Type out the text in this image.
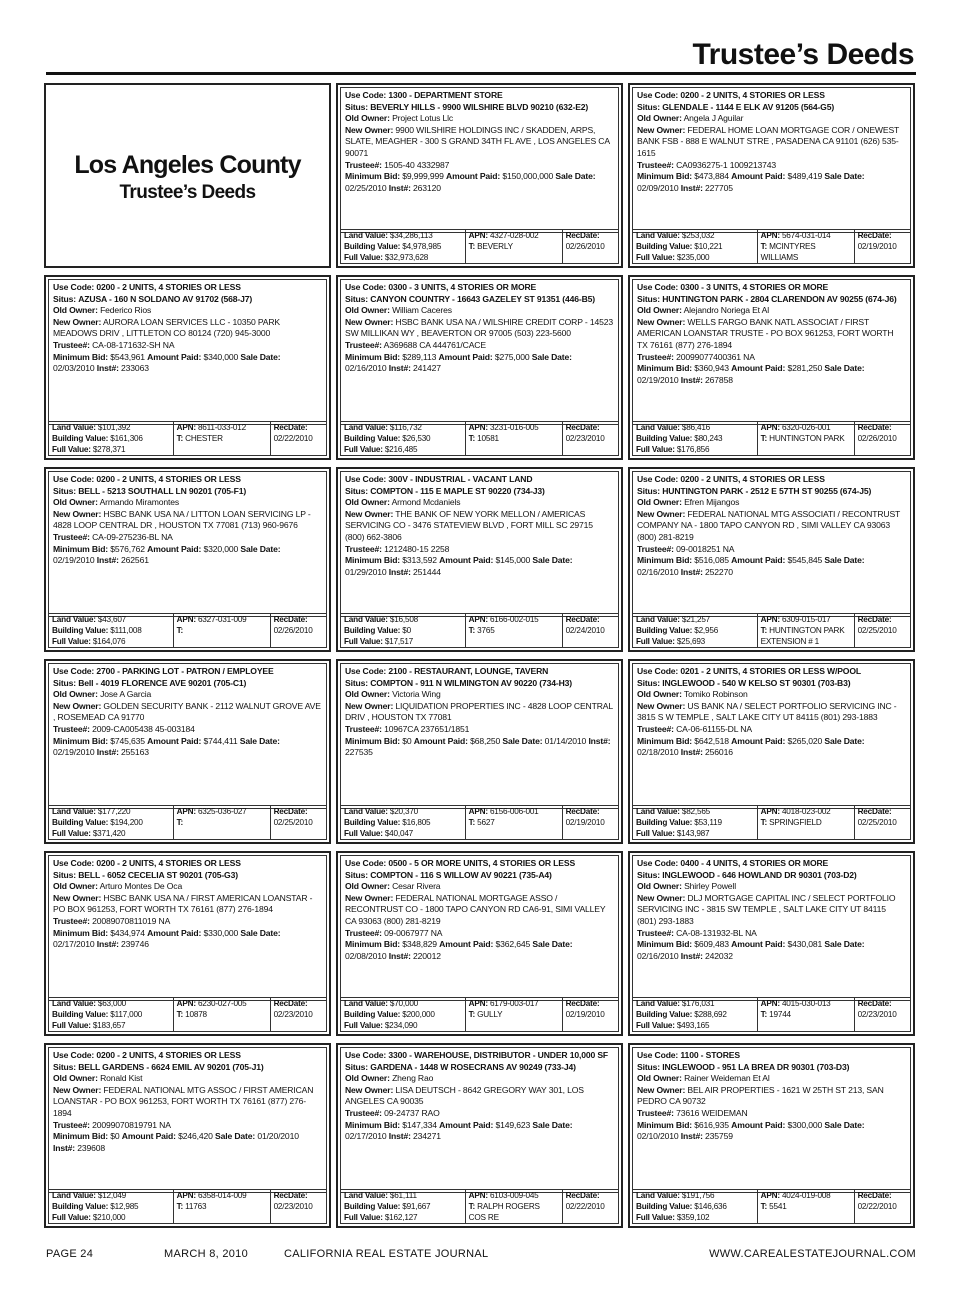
Trustee’s Deeds
Los Angeles County
Trustee’s Deeds
Use Code: 0200 - 2 UNITS, 4 STORIES OR LESS
Situs: AZUSA - 160 N SOLDANO AV 91702 (568-J7)
Old Owner: Federico Rios
New Owner: AURORA LOAN SERVICES LLC - 10350 PARK MEADOWS DRIV , LITTLETON CO 80124 (720) 945-3000
Trustee#: CA-08-171632-SH NA
Minimum Bid: $543,961 Amount Paid: $340,000 Sale Date: 02/03/2010 Inst#: 233063
Land Value: $101,392
Building Value: $161,306
Full Value: $278,371
APN: 8611-033-012
T: CHESTER
RecDate:
02/22/2010
Use Code: 0200 - 2 UNITS, 4 STORIES OR LESS
Situs: BELL - 5213 SOUTHALL LN 90201 (705-F1)
Old Owner: Armando Miramontes
New Owner: HSBC BANK USA NA / LITTON LOAN SERVICING LP - 4828 LOOP CENTRAL DR , HOUSTON TX 77081 (713) 960-9676
Trustee#: CA-09-275236-BL NA
Minimum Bid: $576,762 Amount Paid: $320,000 Sale Date: 02/19/2010 Inst#: 262561
Land Value: $43,607
Building Value: $111,008
Full Value: $164,076
APN: 6327-031-009
T:
RecDate:
02/26/2010
Use Code: 2700 - PARKING LOT - PATRON / EMPLOYEE
Situs: Bell - 4019 FLORENCE AVE 90201 (705-C1)
Old Owner: Jose A Garcia
New Owner: GOLDEN SECURITY BANK - 2112 WALNUT GROVE AVE , ROSEMEAD CA 91770
Trustee#: 2009-CA005438 45-003184
Minimum Bid: $745,635 Amount Paid: $744,411 Sale Date: 02/19/2010 Inst#: 255163
Land Value: $177,220
Building Value: $194,200
Full Value: $371,420
APN: 6325-036-027
T:
RecDate:
02/25/2010
Use Code: 0200 - 2 UNITS, 4 STORIES OR LESS
Situs: BELL - 6052 CECELIA ST 90201 (705-G3)
Old Owner: Arturo Montes De Oca
New Owner: HSBC BANK USA NA / FIRST AMERICAN LOANSTAR - PO BOX 961253, FORT WORTH TX 76161 (877) 276-1894
Trustee#: 20089070811019 NA
Minimum Bid: $434,974 Amount Paid: $330,000 Sale Date: 02/17/2010 Inst#: 239746
Land Value: $63,000
Building Value: $117,000
Full Value: $183,657
APN: 6230-027-005
T: 10878
RecDate:
02/23/2010
Use Code: 0200 - 2 UNITS, 4 STORIES OR LESS
Situs: BELL GARDENS - 6624 EMIL AV 90201 (705-J1)
Old Owner: Ronald Kist
New Owner: FEDERAL NATIONAL MTG ASSOC / FIRST AMERICAN LOANSTAR - PO BOX 961253, FORT WORTH TX 76161 (877) 276-1894
Trustee#: 20099070819791 NA
Minimum Bid: $0 Amount Paid: $246,420 Sale Date: 01/20/2010 Inst#: 239608
Land Value: $12,049
Building Value: $12,985
Full Value: $210,000
APN: 6358-014-009
T: 11763
RecDate:
02/23/2010
Use Code: 1300 - DEPARTMENT STORE
Situs: BEVERLY HILLS - 9900 WILSHIRE BLVD 90210 (632-E2)
Old Owner: Project Lotus Llc
New Owner: 9900 WILSHIRE HOLDINGS INC / SKADDEN, ARPS, SLATE, MEAGHER - 300 S GRAND 34TH FL AVE , LOS ANGELES CA 90071
Trustee#: 1505-40 4332987
Minimum Bid: $9,999,999 Amount Paid: $150,000,000 Sale Date: 02/25/2010 Inst#: 263120
Land Value: $34,286,113
Building Value: $4,978,985
Full Value: $32,973,628
APN: 4327-028-002
T: BEVERLY
RecDate:
02/26/2010
Use Code: 0300 - 3 UNITS, 4 STORIES OR MORE
Situs: CANYON COUNTRY - 16643 GAZELEY ST 91351 (446-B5)
Old Owner: William Caceres
New Owner: HSBC BANK USA NA / WILSHIRE CREDIT CORP - 14523 SW MILLIKAN WY , BEAVERTON OR 97005 (503) 223-5600
Trustee#: A369688 CA 444761/CACE
Minimum Bid: $289,113 Amount Paid: $275,000 Sale Date: 02/16/2010 Inst#: 241427
Land Value: $116,732
Building Value: $26,530
Full Value: $216,485
APN: 3231-016-005
T: 10581
RecDate:
02/23/2010
Use Code: 300V - INDUSTRIAL - VACANT LAND
Situs: COMPTON - 115 E MAPLE ST 90220 (734-J3)
Old Owner: Armond Mcdaniels
New Owner: THE BANK OF NEW YORK MELLON / AMERICAS SERVICING CO - 3476 STATEVIEW BLVD , FORT MILL SC 29715 (800) 662-3806
Trustee#: 1212480-15 2258
Minimum Bid: $313,592 Amount Paid: $145,000 Sale Date: 01/29/2010 Inst#: 251444
Land Value: $16,508
Building Value: $0
Full Value: $17,517
APN: 6166-002-015
T: 3765
RecDate:
02/24/2010
Use Code: 2100 - RESTAURANT, LOUNGE, TAVERN
Situs: COMPTON - 911 N WILMINGTON AV 90220 (734-H3)
Old Owner: Victoria Wing
New Owner: LIQUIDATION PROPERTIES INC - 4828 LOOP CENTRAL DRIV , HOUSTON TX 77081
Trustee#: 10967CA 237651/1851
Minimum Bid: $0 Amount Paid: $68,250 Sale Date: 01/14/2010 Inst#: 227535
Land Value: $20,370
Building Value: $16,805
Full Value: $40,047
APN: 6156-006-001
T: 5627
RecDate:
02/19/2010
Use Code: 0500 - 5 OR MORE UNITS, 4 STORIES OR LESS
Situs: COMPTON - 116 S WILLOW AV 90221 (735-A4)
Old Owner: Cesar Rivera
New Owner: FEDERAL NATIONAL MORTGAGE ASSO / RECONTRUST CO - 1800 TAPO CANYON RD CA6-91, SIMI VALLEY CA 93063 (800) 281-8219
Trustee#: 09-0067977 NA
Minimum Bid: $348,829 Amount Paid: $362,645 Sale Date: 02/08/2010 Inst#: 220012
Land Value: $70,000
Building Value: $200,000
Full Value: $234,090
APN: 6179-003-017
T: GULLY
RecDate:
02/19/2010
Use Code: 3300 - WAREHOUSE, DISTRIBUTOR - UNDER 10,000 SF
Situs: GARDENA - 1448 W ROSECRANS AV 90249 (733-J4)
Old Owner: Zheng Rao
New Owner: LISA DEUTSCH - 8642 GREGORY WAY 301, LOS ANGELES CA 90035
Trustee#: 09-24737 RAO
Minimum Bid: $147,334 Amount Paid: $149,623 Sale Date: 02/17/2010 Inst#: 234271
Land Value: $61,111
Building Value: $91,667
Full Value: $162,127
APN: 6103-009-045
T: RALPH ROGERS COS RE
RecDate:
02/22/2010
Use Code: 0200 - 2 UNITS, 4 STORIES OR LESS
Situs: GLENDALE - 1144 E ELK AV 91205 (564-G5)
Old Owner: Angela J Aguilar
New Owner: FEDERAL HOME LOAN MORTGAGE COR / ONEWEST BANK FSB - 888 E WALNUT STRE , PASADENA CA 91101 (626) 535-1615
Trustee#: CA0936275-1 1009213743
Minimum Bid: $473,884 Amount Paid: $489,419 Sale Date: 02/09/2010 Inst#: 227705
Land Value: $253,032
Building Value: $10,221
Full Value: $235,000
APN: 5674-031-014
T: MCINTYRES WILLIAMS
RecDate:
02/19/2010
Use Code: 0300 - 3 UNITS, 4 STORIES OR MORE
Situs: HUNTINGTON PARK - 2804 CLARENDON AV 90255 (674-J6)
Old Owner: Alejandro Noriega Et Al
New Owner: WELLS FARGO BANK NATL ASSOCIAT / FIRST AMERICAN LOANSTAR TRUSTE - PO BOX 961253, FORT WORTH TX 76161 (877) 276-1894
Trustee#: 20099077400361 NA
Minimum Bid: $360,943 Amount Paid: $281,250 Sale Date: 02/19/2010 Inst#: 267858
Land Value: $86,416
Building Value: $80,243
Full Value: $176,856
APN: 6320-026-001
T: HUNTINGTON PARK
RecDate:
02/26/2010
Use Code: 0200 - 2 UNITS, 4 STORIES OR LESS
Situs: HUNTINGTON PARK - 2512 E 57TH ST 90255 (674-J5)
Old Owner: Efren Mijangos
New Owner: FEDERAL NATIONAL MTG ASSOCIATI / RECONTRUST COMPANY NA - 1800 TAPO CANYON RD , SIMI VALLEY CA 93063 (800) 281-8219
Trustee#: 09-0018251 NA
Minimum Bid: $516,085 Amount Paid: $545,845 Sale Date: 02/16/2010 Inst#: 252270
Land Value: $21,257
Building Value: $2,956
Full Value: $25,693
APN: 6309-015-017
T: HUNTINGTON PARK EXTENSION # 1
RecDate:
02/25/2010
Use Code: 0201 - 2 UNITS, 4 STORIES OR LESS W/POOL
Situs: INGLEWOOD - 540 W KELSO ST 90301 (703-B3)
Old Owner: Tomiko Robinson
New Owner: US BANK NA / SELECT PORTFOLIO SERVICING INC - 3815 S W TEMPLE , SALT LAKE CITY UT 84115 (801) 293-1883
Trustee#: CA-06-61155-DL NA
Minimum Bid: $642,518 Amount Paid: $265,020 Sale Date: 02/18/2010 Inst#: 256016
Land Value: $82,565
Building Value: $53,119
Full Value: $143,987
APN: 4018-023-002
T: SPRINGFIELD
RecDate:
02/25/2010
Use Code: 0400 - 4 UNITS, 4 STORIES OR MORE
Situs: INGLEWOOD - 646 HOWLAND DR 90301 (703-D2)
Old Owner: Shirley Powell
New Owner: DLJ MORTGAGE CAPITAL INC / SELECT PORTFOLIO SERVICING INC - 3815 SW TEMPLE , SALT LAKE CITY UT 84115 (801) 293-1883
Trustee#: CA-08-131932-BL NA
Minimum Bid: $609,483 Amount Paid: $430,081 Sale Date: 02/16/2010 Inst#: 242032
Land Value: $176,031
Building Value: $288,692
Full Value: $493,165
APN: 4015-030-013
T: 19744
RecDate:
02/23/2010
Use Code: 1100 - STORES
Situs: INGLEWOOD - 951 LA BREA DR 90301 (703-D3)
Old Owner: Rainer Weideman Et Al
New Owner: BEL AIR PROPERTIES - 1621 W 25TH ST 213, SAN PEDRO CA 90732
Trustee#: 73616 WEIDEMAN
Minimum Bid: $616,935 Amount Paid: $300,000 Sale Date: 02/10/2010 Inst#: 235759
Land Value: $191,756
Building Value: $146,636
Full Value: $359,102
APN: 4024-019-008
T: 5541
RecDate:
02/22/2010
PAGE 24	MARCH 8, 2010	CALIFORNIA REAL ESTATE JOURNAL	WWW.CAREALESTATEJOURNAL.COM
